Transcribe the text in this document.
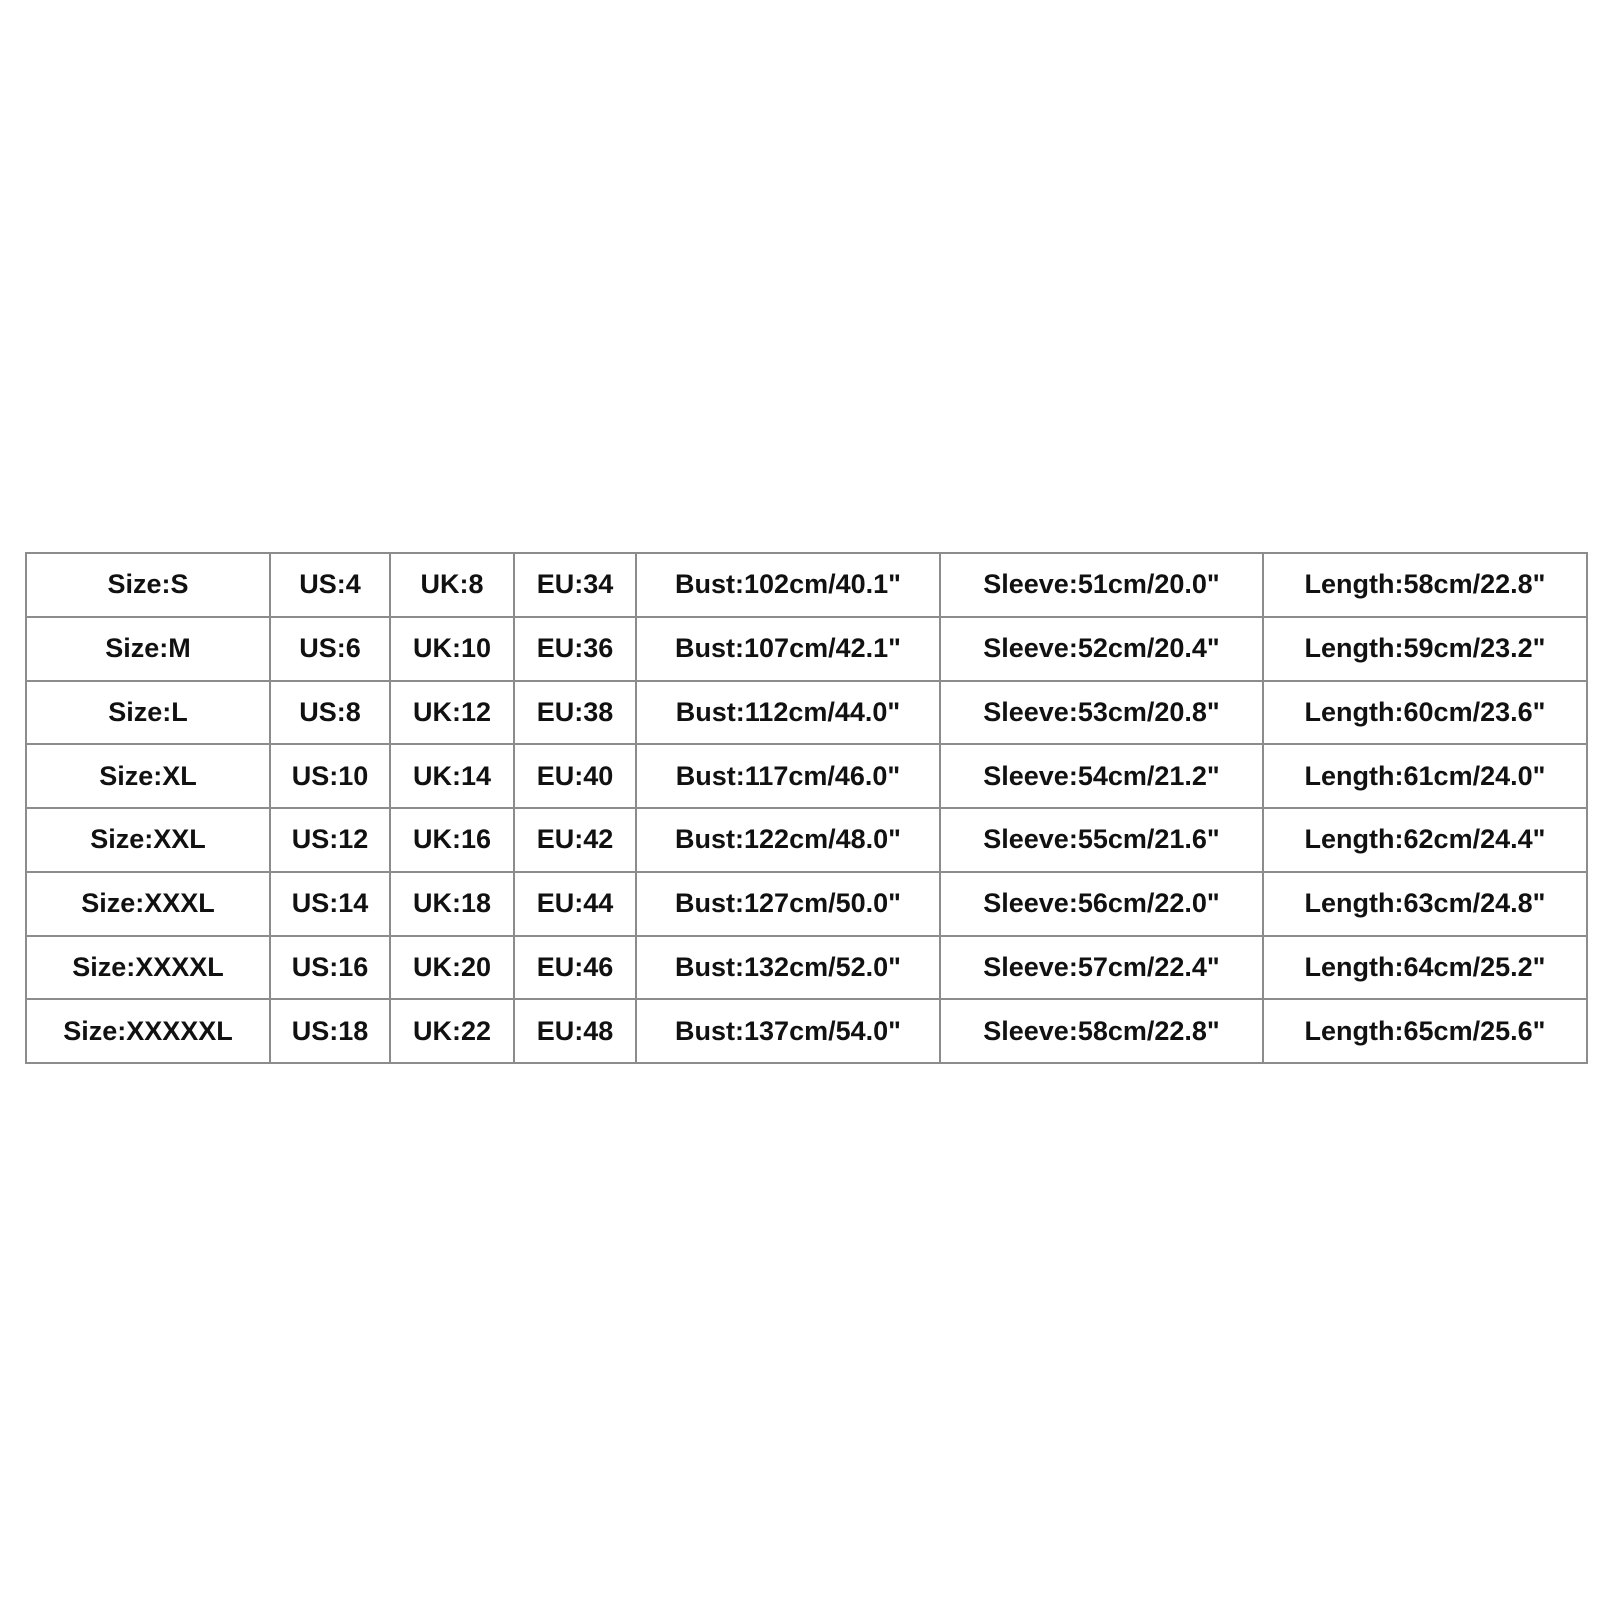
Size:S	US:4	UK:8	EU:34	Bust:102cm/40.1"	Sleeve:51cm/20.0"	Length:58cm/22.8"
Size:M	US:6	UK:10	EU:36	Bust:107cm/42.1"	Sleeve:52cm/20.4"	Length:59cm/23.2"
Size:L	US:8	UK:12	EU:38	Bust:112cm/44.0"	Sleeve:53cm/20.8"	Length:60cm/23.6"
Size:XL	US:10	UK:14	EU:40	Bust:117cm/46.0"	Sleeve:54cm/21.2"	Length:61cm/24.0"
Size:XXL	US:12	UK:16	EU:42	Bust:122cm/48.0"	Sleeve:55cm/21.6"	Length:62cm/24.4"
Size:XXXL	US:14	UK:18	EU:44	Bust:127cm/50.0"	Sleeve:56cm/22.0"	Length:63cm/24.8"
Size:XXXXL	US:16	UK:20	EU:46	Bust:132cm/52.0"	Sleeve:57cm/22.4"	Length:64cm/25.2"
Size:XXXXXL	US:18	UK:22	EU:48	Bust:137cm/54.0"	Sleeve:58cm/22.8"	Length:65cm/25.6"
